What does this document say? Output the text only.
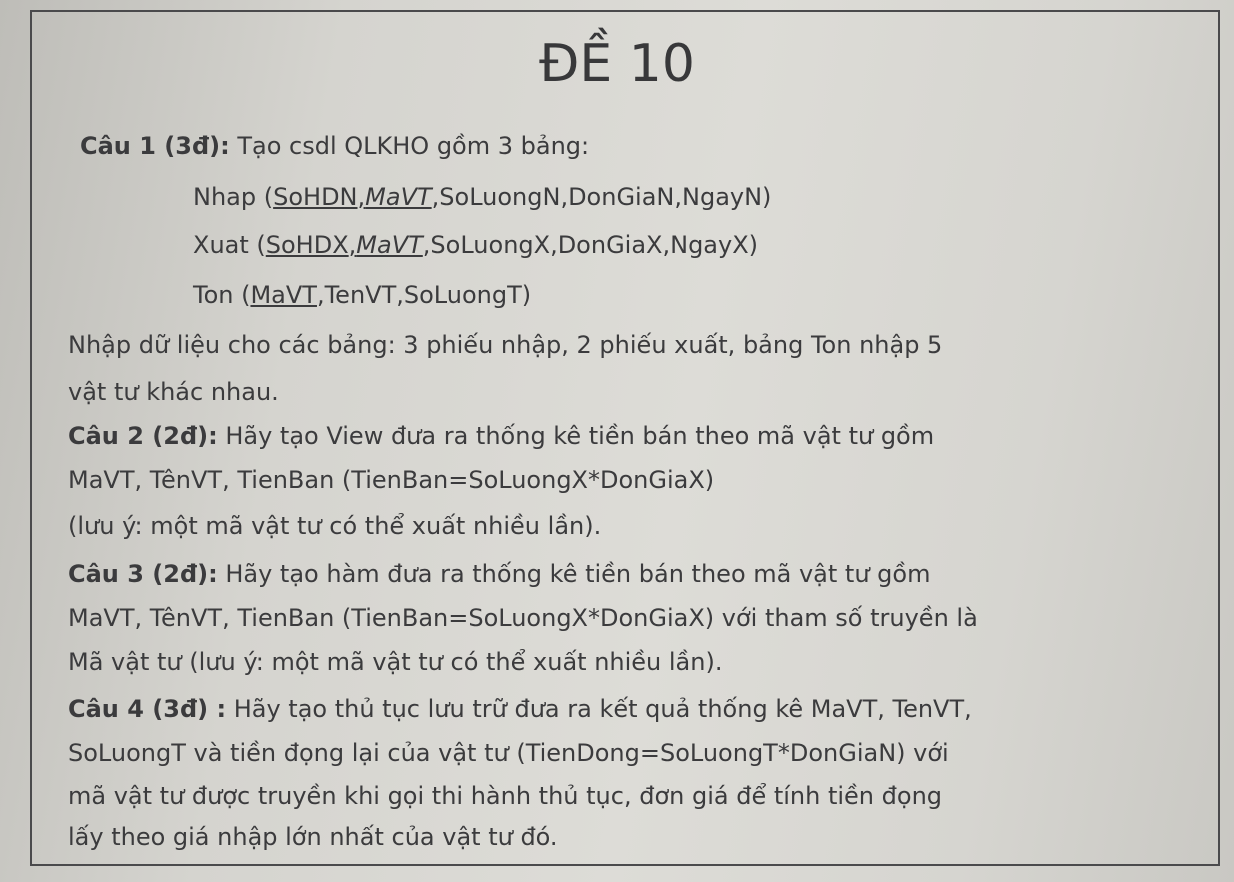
ĐỀ 10
Câu 1 (3đ): Tạo csdl QLKHO gồm 3 bảng:
Nhap (SoHDN,MaVT,SoLuongN,DonGiaN,NgayN)
Xuat (SoHDX,MaVT,SoLuongX,DonGiaX,NgayX)
Ton (MaVT,TenVT,SoLuongT)
Nhập dữ liệu cho các bảng: 3 phiếu nhập, 2 phiếu xuất, bảng Ton nhập 5
vật tư khác nhau.
Câu 2 (2đ): Hãy tạo View đưa ra thống kê tiền bán theo mã vật tư gồm
MaVT, TênVT, TienBan (TienBan=SoLuongX*DonGiaX)
(lưu ý: một mã vật tư có thể xuất nhiều lần).
Câu 3 (2đ): Hãy tạo hàm đưa ra thống kê tiền bán theo mã vật tư gồm
MaVT, TênVT, TienBan (TienBan=SoLuongX*DonGiaX) với tham số truyền là
Mã vật tư (lưu ý: một mã vật tư có thể xuất nhiều lần).
Câu 4 (3đ) : Hãy tạo thủ tục lưu trữ đưa ra kết quả thống kê MaVT, TenVT,
SoLuongT và tiền đọng lại của vật tư (TienDong=SoLuongT*DonGiaN) với
mã vật tư được truyền khi gọi thi hành thủ tục, đơn giá để tính tiền đọng
lấy theo giá nhập lớn nhất của vật tư đó.
